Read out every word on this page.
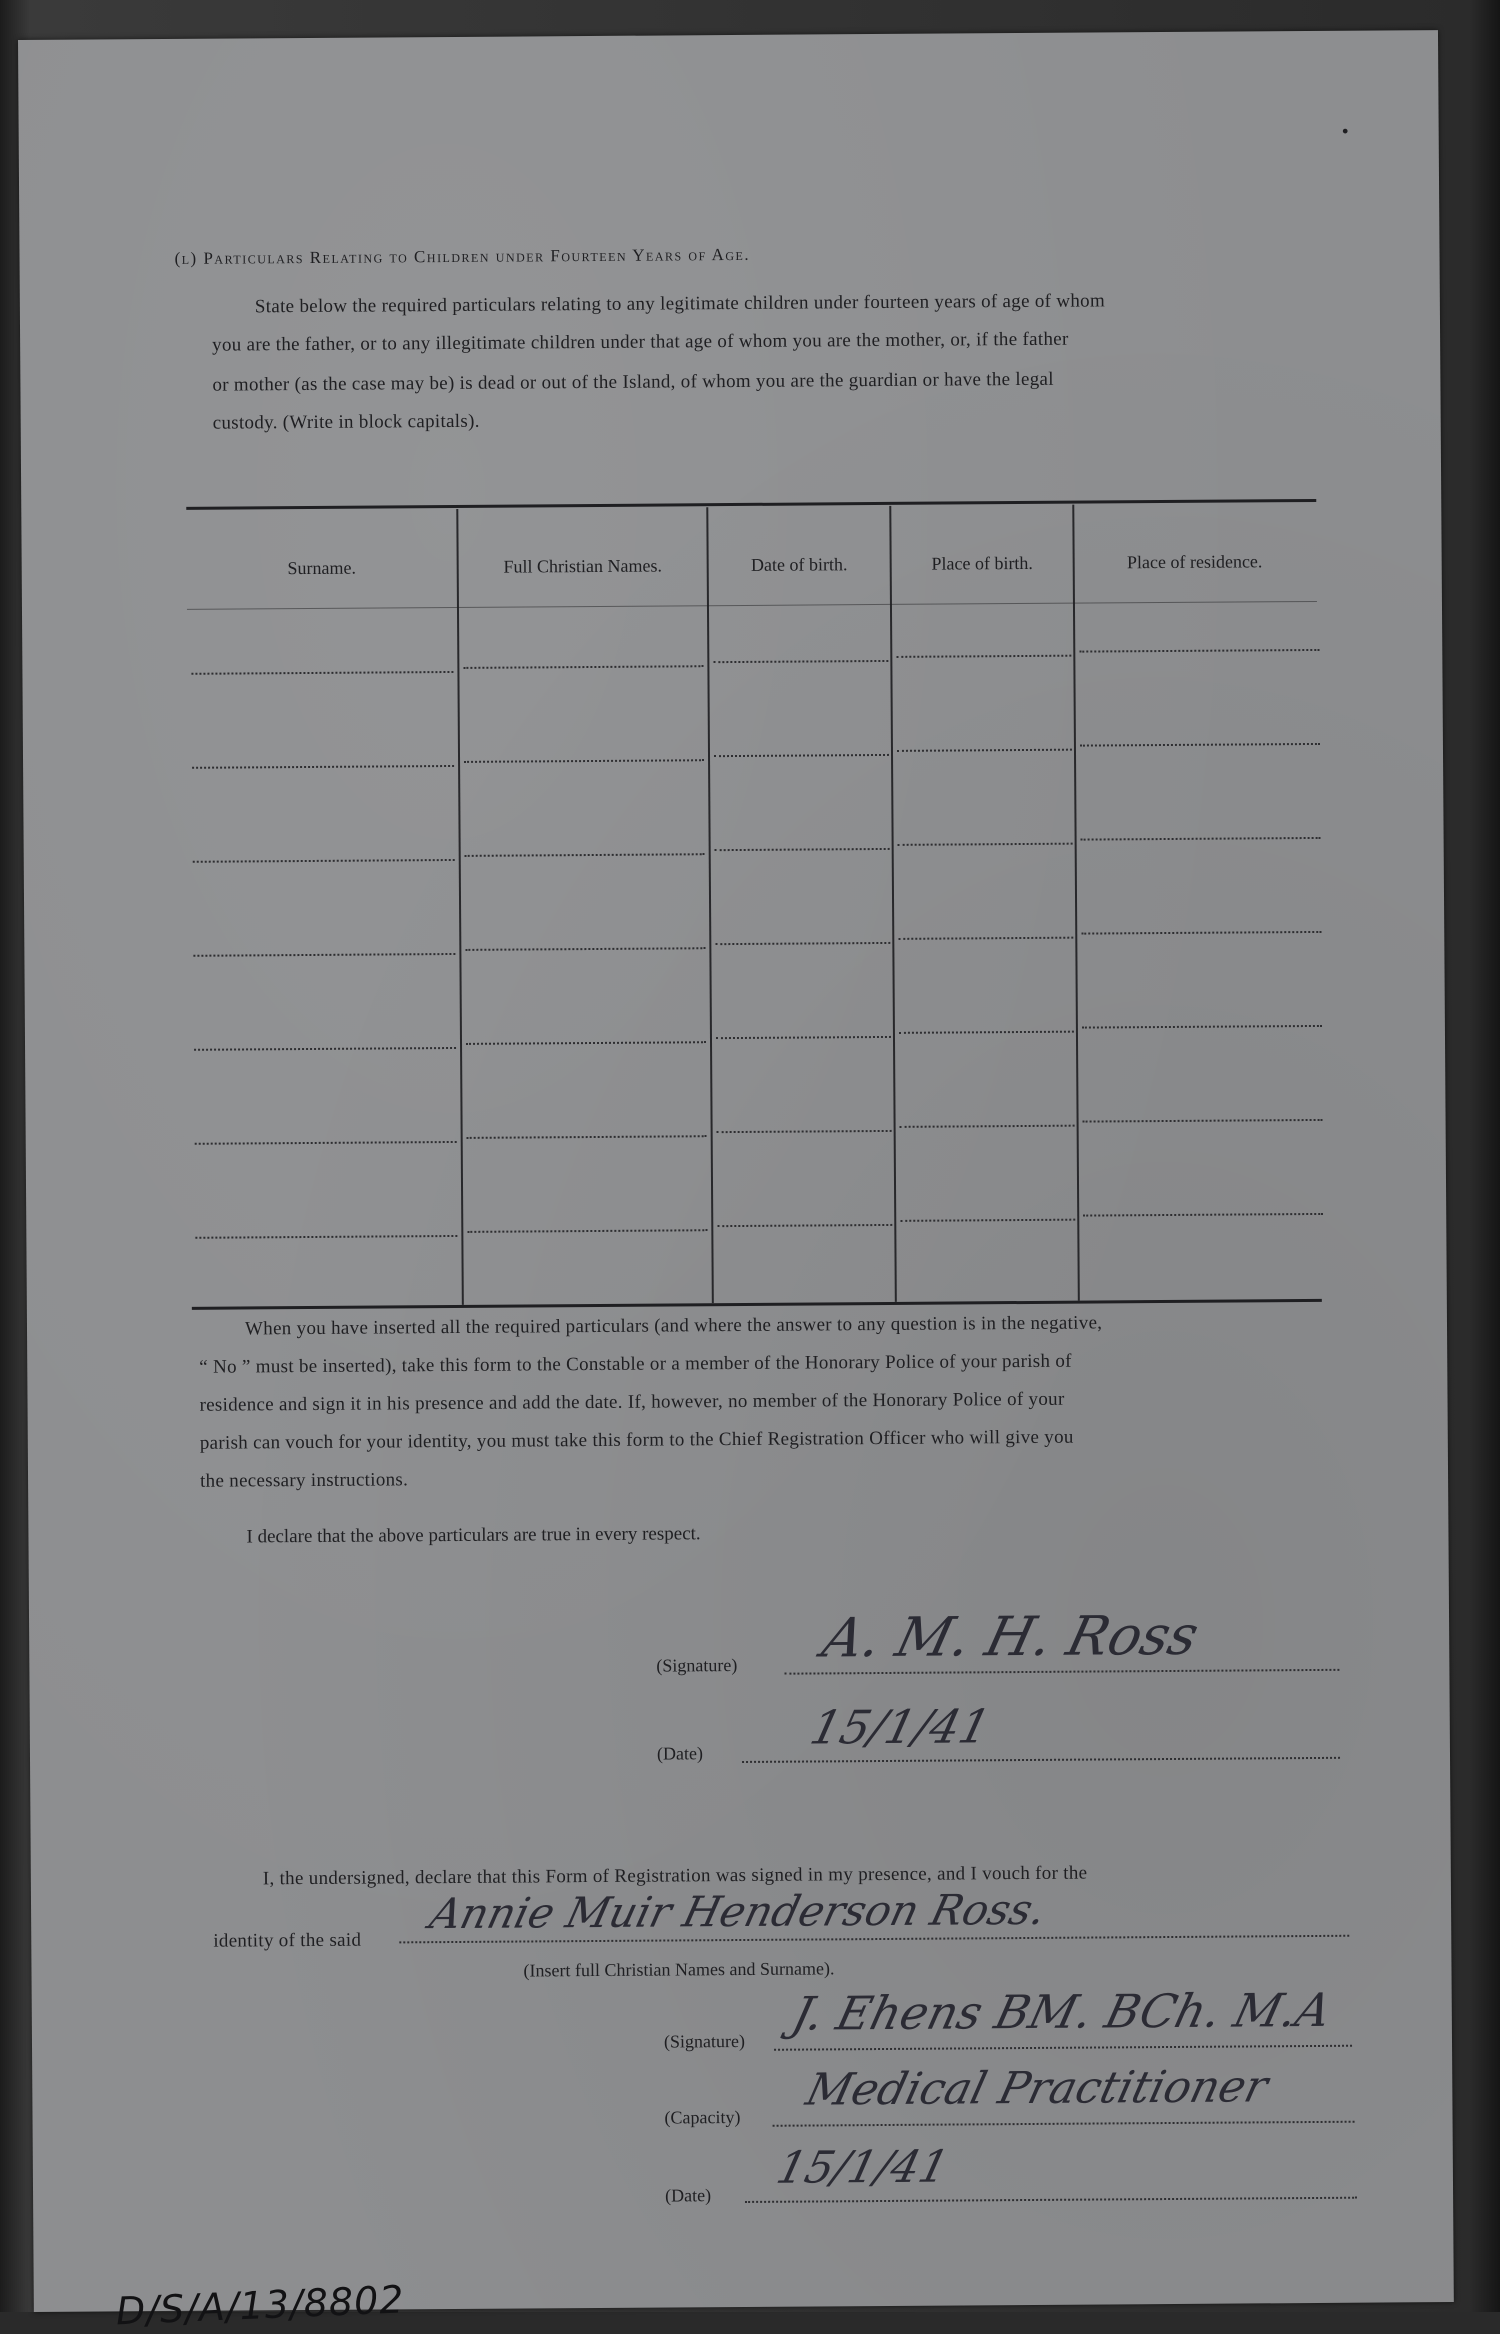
•
(l) Particulars Relating to Children under Fourteen Years of Age.
State below the required particulars relating to any legitimate children under fourteen years of age of whom
you are the father, or to any illegitimate children under that age of whom you are the mother, or, if the father
or mother (as the case may be) is dead or out of the Island, of whom you are the guardian or have the legal
custody. (Write in block capitals).
Surname.	Full Christian Names.	Date of birth.	Place of birth.	Place of residence.
When you have inserted all the required particulars (and where the answer to any question is in the negative,
“ No ” must be inserted), take this form to the Constable or a member of the Honorary Police of your parish of
residence and sign it in his presence and add the date. If, however, no member of the Honorary Police of your
parish can vouch for your identity, you must take this form to the Chief Registration Officer who will give you
the necessary instructions.
I declare that the above particulars are true in every respect.
(Signature) A. M. H. Ross
(Date) 15/1/41
I, the undersigned, declare that this Form of Registration was signed in my presence, and I vouch for the
identity of the said
Annie Muir Henderson Ross.
(Insert full Christian Names and Surname).
(Signature)
J. Ehens BM. BCh. M.A
(Capacity)
Medical Practitioner
(Date)
15/1/41
D/S/A/13/8802
